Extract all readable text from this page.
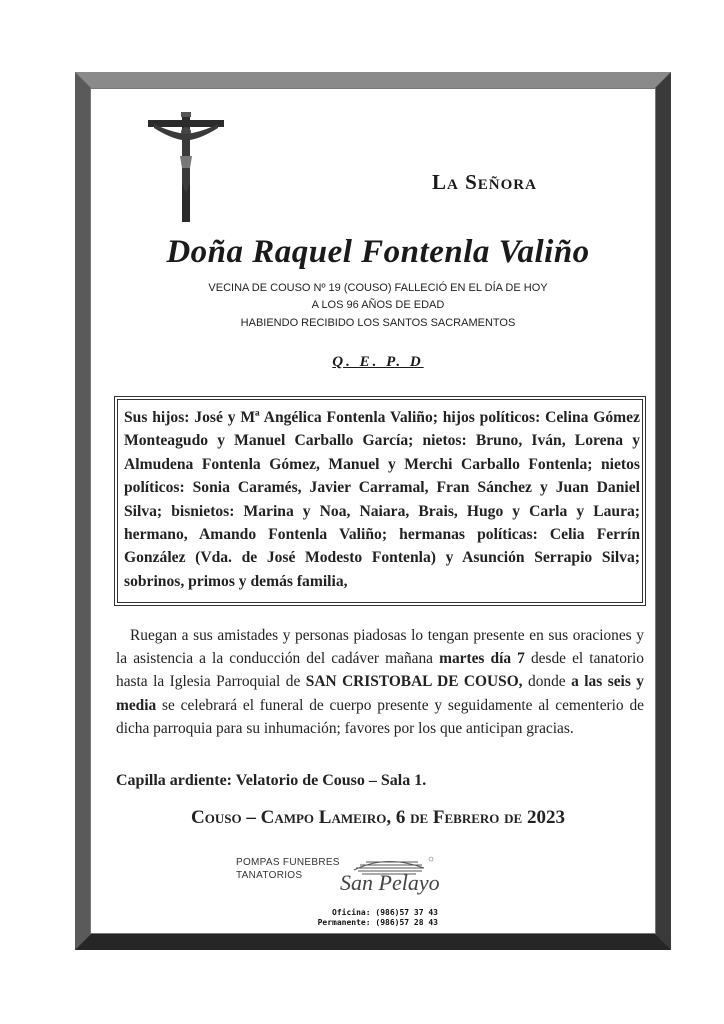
La Señora
Doña Raquel Fontenla Valiño
VECINA DE COUSO Nº 19 (COUSO) FALLECIÓ EN EL DÍA DE HOY
A LOS 96 AÑOS DE EDAD
HABIENDO RECIBIDO LOS SANTOS SACRAMENTOS
Q. E. P. D
Sus hijos: José y Mª Angélica Fontenla Valiño; hijos políticos: Celina Gómez Monteagudo y Manuel Carballo García; nietos: Bruno, Iván, Lorena y Almudena Fontenla Gómez, Manuel y Merchi Carballo Fontenla; nietos políticos: Sonia Caramés, Javier Carramal, Fran Sánchez y Juan Daniel Silva; bisnietos: Marina y Noa, Naiara, Brais, Hugo y Carla y Laura; hermano, Amando Fontenla Valiño; hermanas políticas: Celia Ferrín González (Vda. de José Modesto Fontenla) y Asunción Serrapio Silva; sobrinos, primos y demás familia,
Ruegan a sus amistades y personas piadosas lo tengan presente en sus oraciones y la asistencia a la conducción del cadáver mañana martes día 7 desde el tanatorio hasta la Iglesia Parroquial de SAN CRISTOBAL DE COUSO, donde a las seis y media se celebrará el funeral de cuerpo presente y seguidamente al cementerio de dicha parroquia para su inhumación; favores por los que anticipan gracias.
Capilla ardiente: Velatorio de Couso – Sala 1.
Couso – Campo Lameiro, 6 de Febrero de 2023
POMPAS FUNEBRES
TANATORIOS	San Pelayo
Oficina: (986)57 37 43
Permanente: (986)57 28 43
